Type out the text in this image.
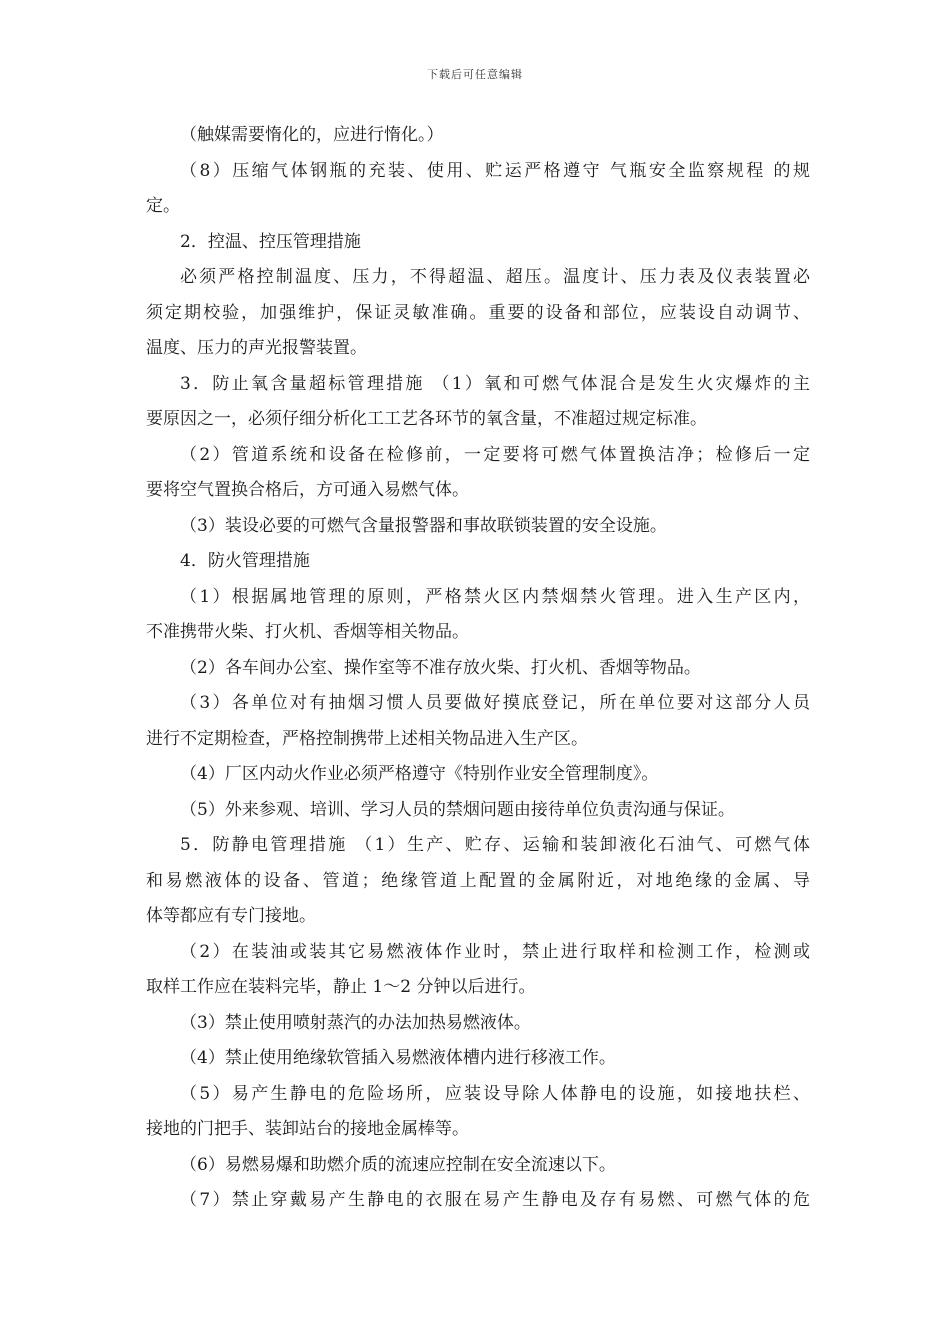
下载后可任意编辑
（触媒需要惰化的，应进行惰化。）
（8）压缩气体钢瓶的充装、使用、贮运严格遵守 气瓶安全监察规程 的规
定。
2．控温、控压管理措施
必须严格控制温度、压力，不得超温、超压。温度计、压力表及仪表装置必
须定期校验，加强维护，保证灵敏准确。重要的设备和部位，应装设自动调节、
温度、压力的声光报警装置。
3．防止氧含量超标管理措施 （1）氧和可燃气体混合是发生火灾爆炸的主
要原因之一，必须仔细分析化工工艺各环节的氧含量，不准超过规定标准。
（2）管道系统和设备在检修前，一定要将可燃气体置换洁净；检修后一定
要将空气置换合格后，方可通入易燃气体。
（3）装设必要的可燃气含量报警器和事故联锁装置的安全设施。
4．防火管理措施
（1）根据属地管理的原则，严格禁火区内禁烟禁火管理。进入生产区内，
不准携带火柴、打火机、香烟等相关物品。
（2）各车间办公室、操作室等不准存放火柴、打火机、香烟等物品。
（3）各单位对有抽烟习惯人员要做好摸底登记，所在单位要对这部分人员
进行不定期检查，严格控制携带上述相关物品进入生产区。
（4）厂区内动火作业必须严格遵守《特别作业安全管理制度》。
（5）外来参观、培训、学习人员的禁烟问题由接待单位负责沟通与保证。
5．防静电管理措施 （1）生产、贮存、运输和装卸液化石油气、可燃气体
和易燃液体的设备、管道；绝缘管道上配置的金属附近，对地绝缘的金属、导
体等都应有专门接地。
（2）在装油或装其它易燃液体作业时，禁止进行取样和检测工作，检测或
取样工作应在装料完毕，静止 1～2 分钟以后进行。
（3）禁止使用喷射蒸汽的办法加热易燃液体。
（4）禁止使用绝缘软管插入易燃液体槽内进行移液工作。
（5）易产生静电的危险场所，应装设导除人体静电的设施，如接地扶栏、
接地的门把手、装卸站台的接地金属棒等。
（6）易燃易爆和助燃介质的流速应控制在安全流速以下。
（7）禁止穿戴易产生静电的衣服在易产生静电及存有易燃、可燃气体的危
